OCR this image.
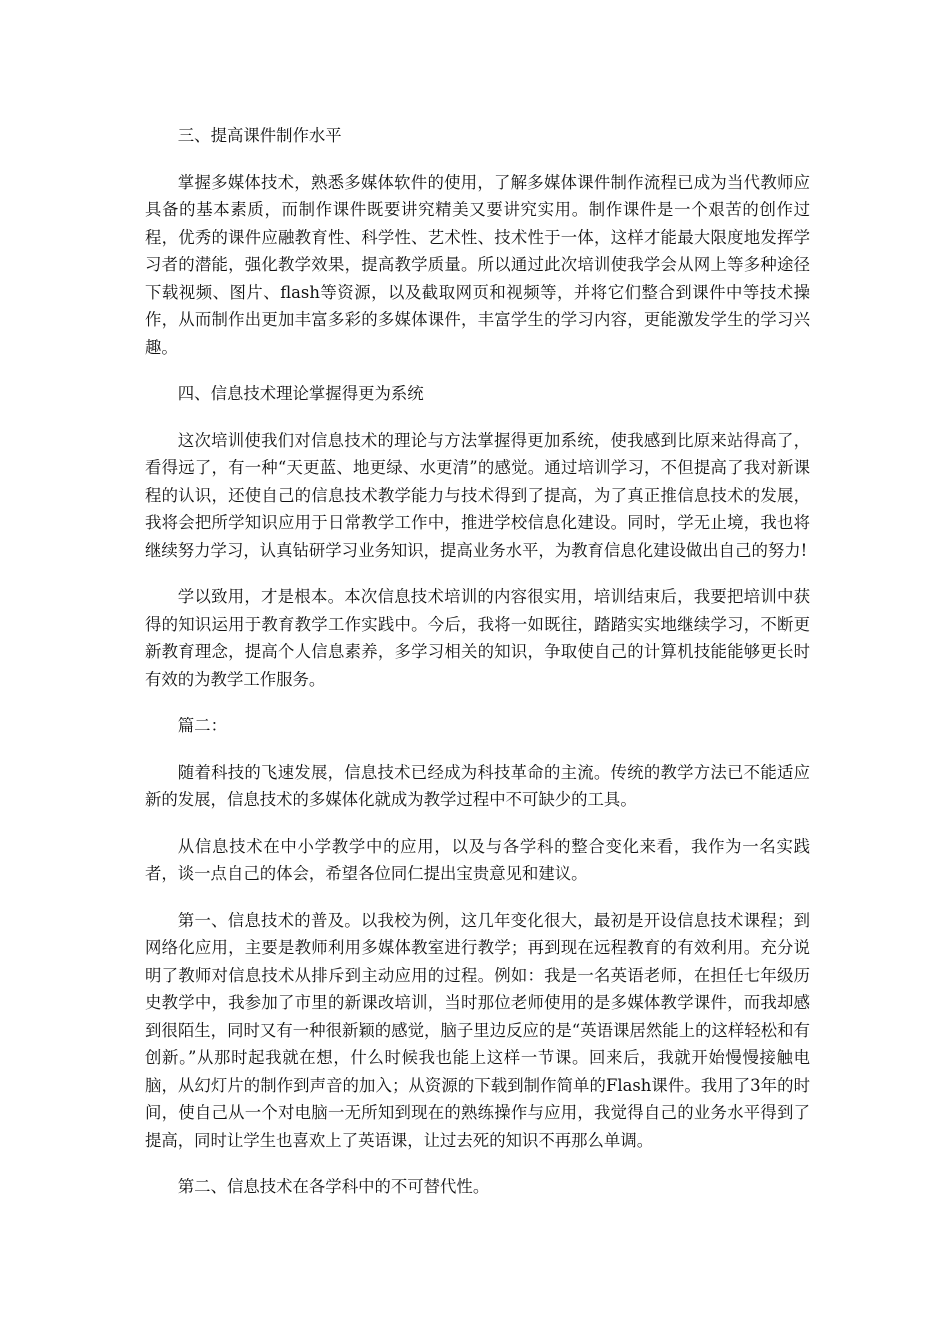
三、提高课件制作水平

掌握多媒体技术，熟悉多媒体软件的使用，了解多媒体课件制作流程已成为当代教师应具备的基本素质，而制作课件既要讲究精美又要讲究实用。制作课件是一个艰苦的创作过程，优秀的课件应融教育性、科学性、艺术性、技术性于一体，这样才能最大限度地发挥学习者的潜能，强化教学效果，提高教学质量。所以通过此次培训使我学会从网上等多种途径下载视频、图片、flash等资源，以及截取网页和视频等，并将它们整合到课件中等技术操作，从而制作出更加丰富多彩的多媒体课件，丰富学生的学习内容，更能激发学生的学习兴趣。

四、信息技术理论掌握得更为系统

这次培训使我们对信息技术的理论与方法掌握得更加系统，使我感到比原来站得高了，看得远了，有一种“天更蓝、地更绿、水更清”的感觉。通过培训学习，不但提高了我对新课程的认识，还使自己的信息技术教学能力与技术得到了提高，为了真正推信息技术的发展，我将会把所学知识应用于日常教学工作中，推进学校信息化建设。同时，学无止境，我也将继续努力学习，认真钻研学习业务知识，提高业务水平，为教育信息化建设做出自己的努力!

学以致用，才是根本。本次信息技术培训的内容很实用，培训结束后，我要把培训中获得的知识运用于教育教学工作实践中。今后，我将一如既往，踏踏实实地继续学习，不断更新教育理念，提高个人信息素养，多学习相关的知识，争取使自己的计算机技能能够更长时有效的为教学工作服务。

篇二：

随着科技的飞速发展，信息技术已经成为科技革命的主流。传统的教学方法已不能适应新的发展，信息技术的多媒体化就成为教学过程中不可缺少的工具。

从信息技术在中小学教学中的应用，以及与各学科的整合变化来看，我作为一名实践者，谈一点自己的体会，希望各位同仁提出宝贵意见和建议。

第一、信息技术的普及。以我校为例，这几年变化很大，最初是开设信息技术课程；到网络化应用，主要是教师利用多媒体教室进行教学；再到现在远程教育的有效利用。充分说明了教师对信息技术从排斥到主动应用的过程。例如：我是一名英语老师，在担任七年级历史教学中，我参加了市里的新课改培训，当时那位老师使用的是多媒体教学课件，而我却感到很陌生，同时又有一种很新颖的感觉，脑子里边反应的是“英语课居然能上的这样轻松和有创新。”从那时起我就在想，什么时候我也能上这样一节课。回来后，我就开始慢慢接触电脑，从幻灯片的制作到声音的加入；从资源的下载到制作简单的Flash课件。我用了3年的时间，使自己从一个对电脑一无所知到现在的熟练操作与应用，我觉得自己的业务水平得到了提高，同时让学生也喜欢上了英语课，让过去死的知识不再那么单调。

第二、信息技术在各学科中的不可替代性。
